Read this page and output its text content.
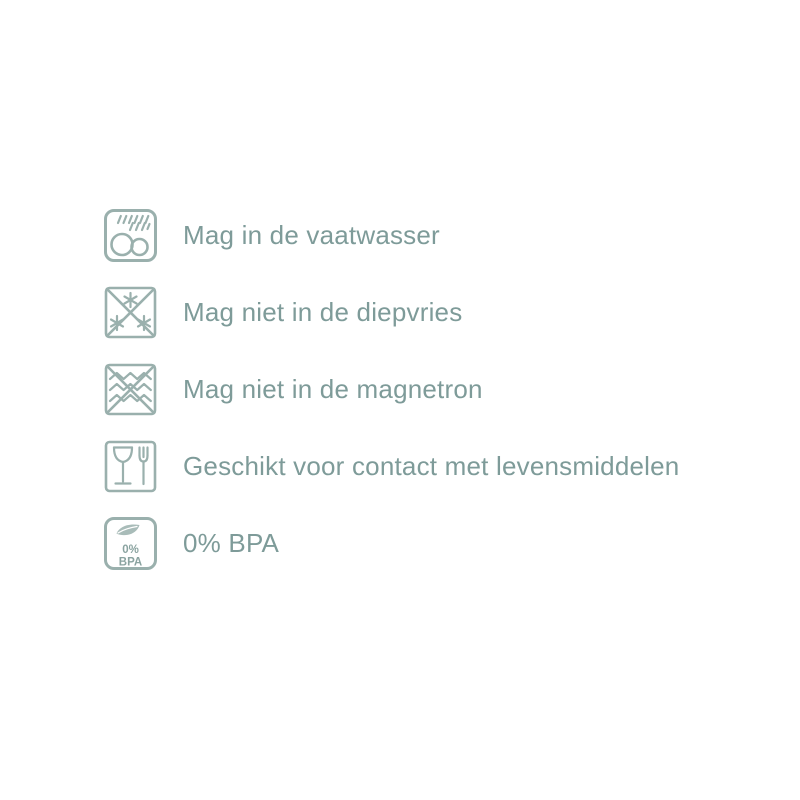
Mag in de vaatwasser
Mag niet in de diepvries
Mag niet in de magnetron
Geschikt voor contact met levensmiddelen
0%
BPA
0% BPA
